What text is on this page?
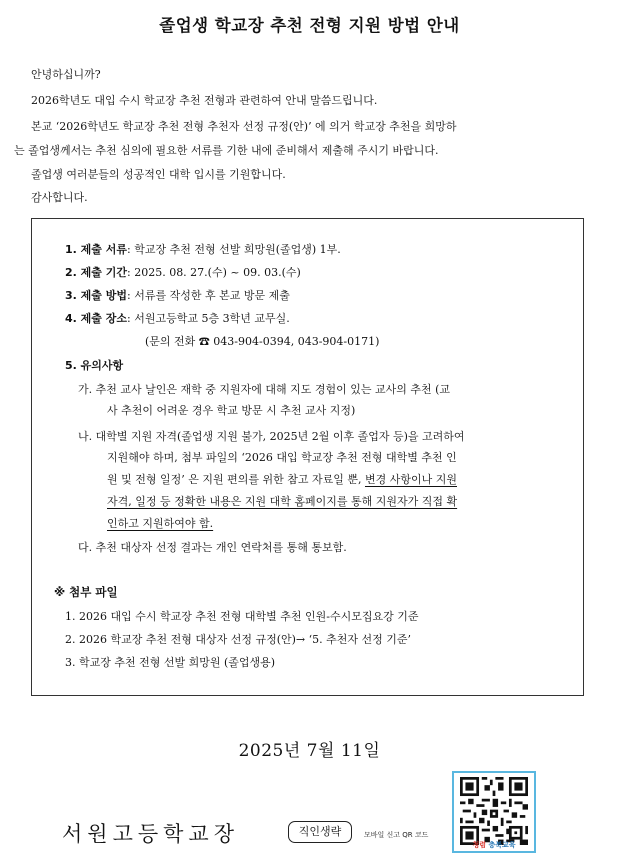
졸업생 학교장 추천 전형 지원 방법 안내

안녕하십니까?

2026학년도 대입 수시 학교장 추천 전형과 관련하여 안내 말씀드립니다.

본교 ‘2026학년도 학교장 추천 전형 추천자 선정 규정(안)’ 에 의거 학교장 추천을 희망하

는 졸업생께서는 추천 심의에 필요한 서류를 기한 내에 준비해서 제출해 주시기 바랍니다.

졸업생 여러분들의 성공적인 대학 입시를 기원합니다.

감사합니다.

1. 제출 서류: 학교장 추천 전형 선발 희망원(졸업생) 1부.
2. 제출 기간: 2025. 08. 27.(수) ~ 09. 03.(수)
3. 제출 방법: 서류를 작성한 후 본교 방문 제출
4. 제출 장소: 서원고등학교 5층 3학년 교무실.
(문의 전화 ☎ 043-904-0394, 043-904-0171)
5. 유의사항
가. 추천 교사 날인은 재학 중 지원자에 대해 지도 경험이 있는 교사의 추천 (교
사 추천이 어려운 경우 학교 방문 시 추천 교사 지정)
나. 대학별 지원 자격(졸업생 지원 불가, 2025년 2월 이후 졸업자 등)을 고려하여
지원해야 하며, 첨부 파일의 ‘2026 대입 학교장 추천 전형 대학별 추천 인
원 및 전형 일정’ 은 지원 편의를 위한 참고 자료일 뿐, 변경 사항이나 지원
자격, 일정 등 정확한 내용은 지원 대학 홈페이지를 통해 지원자가 직접 확
인하고 지원하여야 함.
다. 추천 대상자 선정 결과는 개인 연락처를 통해 통보함.
※ 첨부 파일
1. 2026 대입 수시 학교장 추천 전형 대학별 추천 인원-수시모집요강 기준
2. 2026 학교장 추천 전형 대상자 선정 규정(안)→ ‘5. 추천자 선정 기준’
3. 학교장 추천 전형 선발 희망원 (졸업생용)
2025년 7월 11일
서원고등학교장	직인생략	모바일 신고 QR 코드
청렴 충북교육
